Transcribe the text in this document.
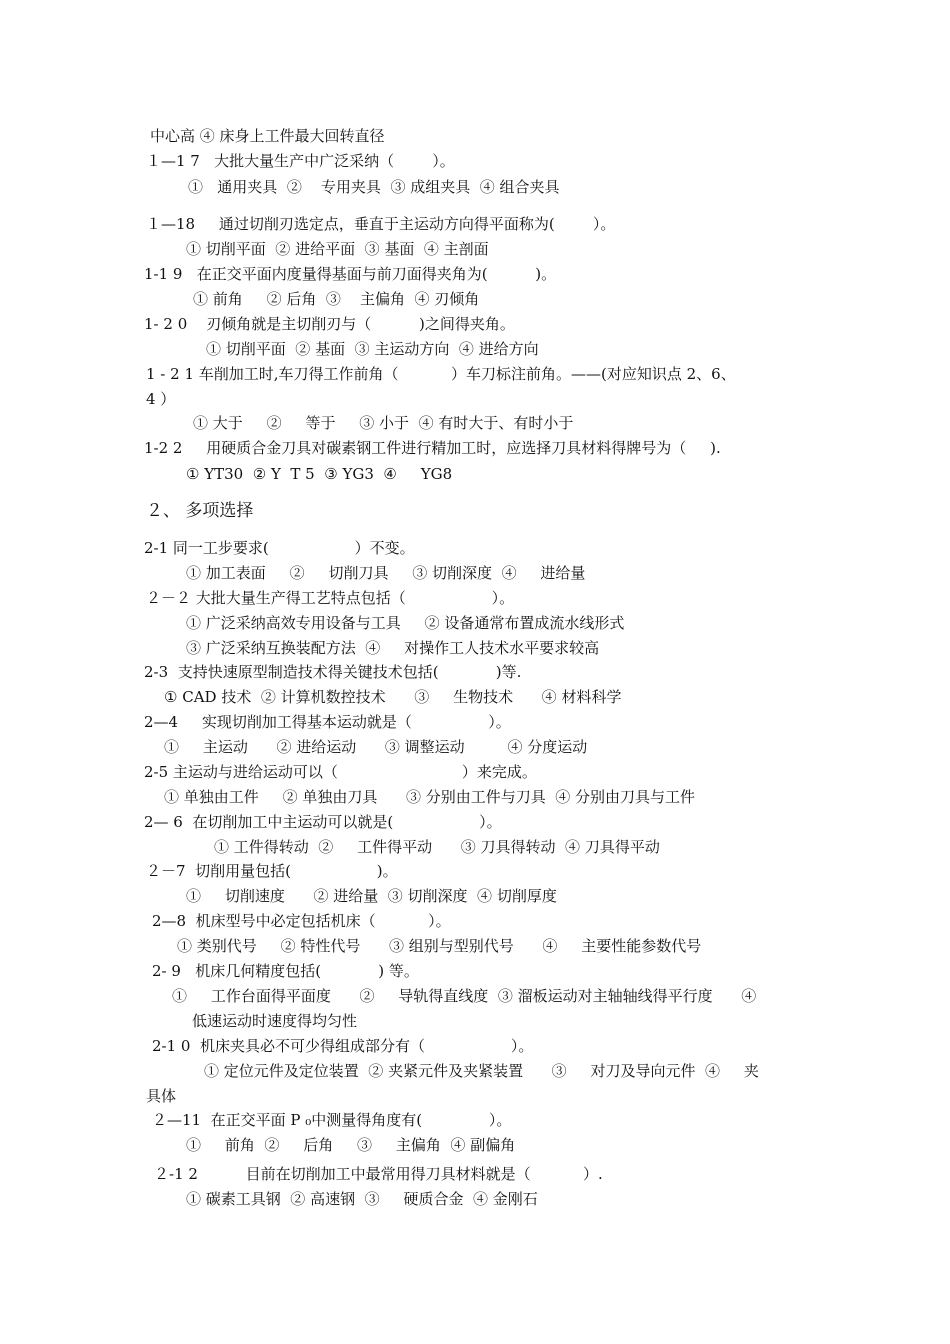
中心高 ④ 床身上工件最大回转直径

１—1 7   大批大量生产中广泛采纳（        ）。

①   通用夹具  ②    专用夹具  ③ 成组夹具  ④ 组合夹具

１—18     通过切削刃选定点，垂直于主运动方向得平面称为(        ）。

① 切削平面  ② 进给平面  ③ 基面  ④ 主剖面

1-1 9   在正交平面内度量得基面与前刀面得夹角为(          )。

① 前角     ② 后角  ③    主偏角  ④ 刃倾角

1- 2 0    刃倾角就是主切削刃与（          )之间得夹角。

① 切削平面  ② 基面  ③ 主运动方向  ④ 进给方向

1 - 2 1 车削加工时,车刀得工作前角（           ）车刀标注前角。——(对应知识点 2、6、

4 ）

① 大于     ②     等于     ③ 小于  ④ 有时大于、有时小于

1-2 2     用硬质合金刀具对碳素钢工件进行精加工时，应选择刀具材料得牌号为（     ).

① YT30  ② Y  T 5  ③ YG3  ④     YG8

２、 多项选择

2-1 同一工步要求(                  ）不变。

① 加工表面     ②     切削刀具     ③ 切削深度  ④     进给量

２－２ 大批大量生产得工艺特点包括（                  ）。

① 广泛采纳高效专用设备与工具     ② 设备通常布置成流水线形式

③ 广泛采纳互换装配方法  ④     对操作工人技术水平要求较高

2-3  支持快速原型制造技术得关键技术包括(            )等.

① CAD 技术  ② 计算机数控技术      ③     生物技术      ④ 材料科学

2—4     实现切削加工得基本运动就是（                ）。

①     主运动      ② 进给运动      ③ 调整运动         ④ 分度运动

2-5 主运动与进给运动可以（                          ）来完成。

① 单独由工件     ② 单独由刀具      ③ 分别由工件与刀具  ④ 分别由刀具与工件

2— 6  在切削加工中主运动可以就是(                  ）。

① 工件得转动  ②     工件得平动      ③ 刀具得转动  ④ 刀具得平动

２－7  切削用量包括(                  )。

①     切削速度      ② 进给量  ③ 切削深度  ④ 切削厚度

2—8  机床型号中必定包括机床（           ）。

① 类别代号     ② 特性代号      ③ 组别与型别代号      ④     主要性能参数代号

2- 9   机床几何精度包括(            ) 等。

①     工作台面得平面度      ②     导轨得直线度  ③ 溜板运动对主轴轴线得平行度      ④

低速运动时速度得均匀性

2-1 0  机床夹具必不可少得组成部分有（                  ）。

① 定位元件及定位装置  ② 夹紧元件及夹紧装置      ③     对刀及导向元件  ④     夹

具体

２—11  在正交平面 P ₀中测量得角度有(              ）。

①     前角  ②     后角     ③     主偏角  ④ 副偏角

２-1 2          目前在切削加工中最常用得刀具材料就是（           ）.

① 碳素工具钢  ② 高速钢  ③     硬质合金  ④ 金刚石
